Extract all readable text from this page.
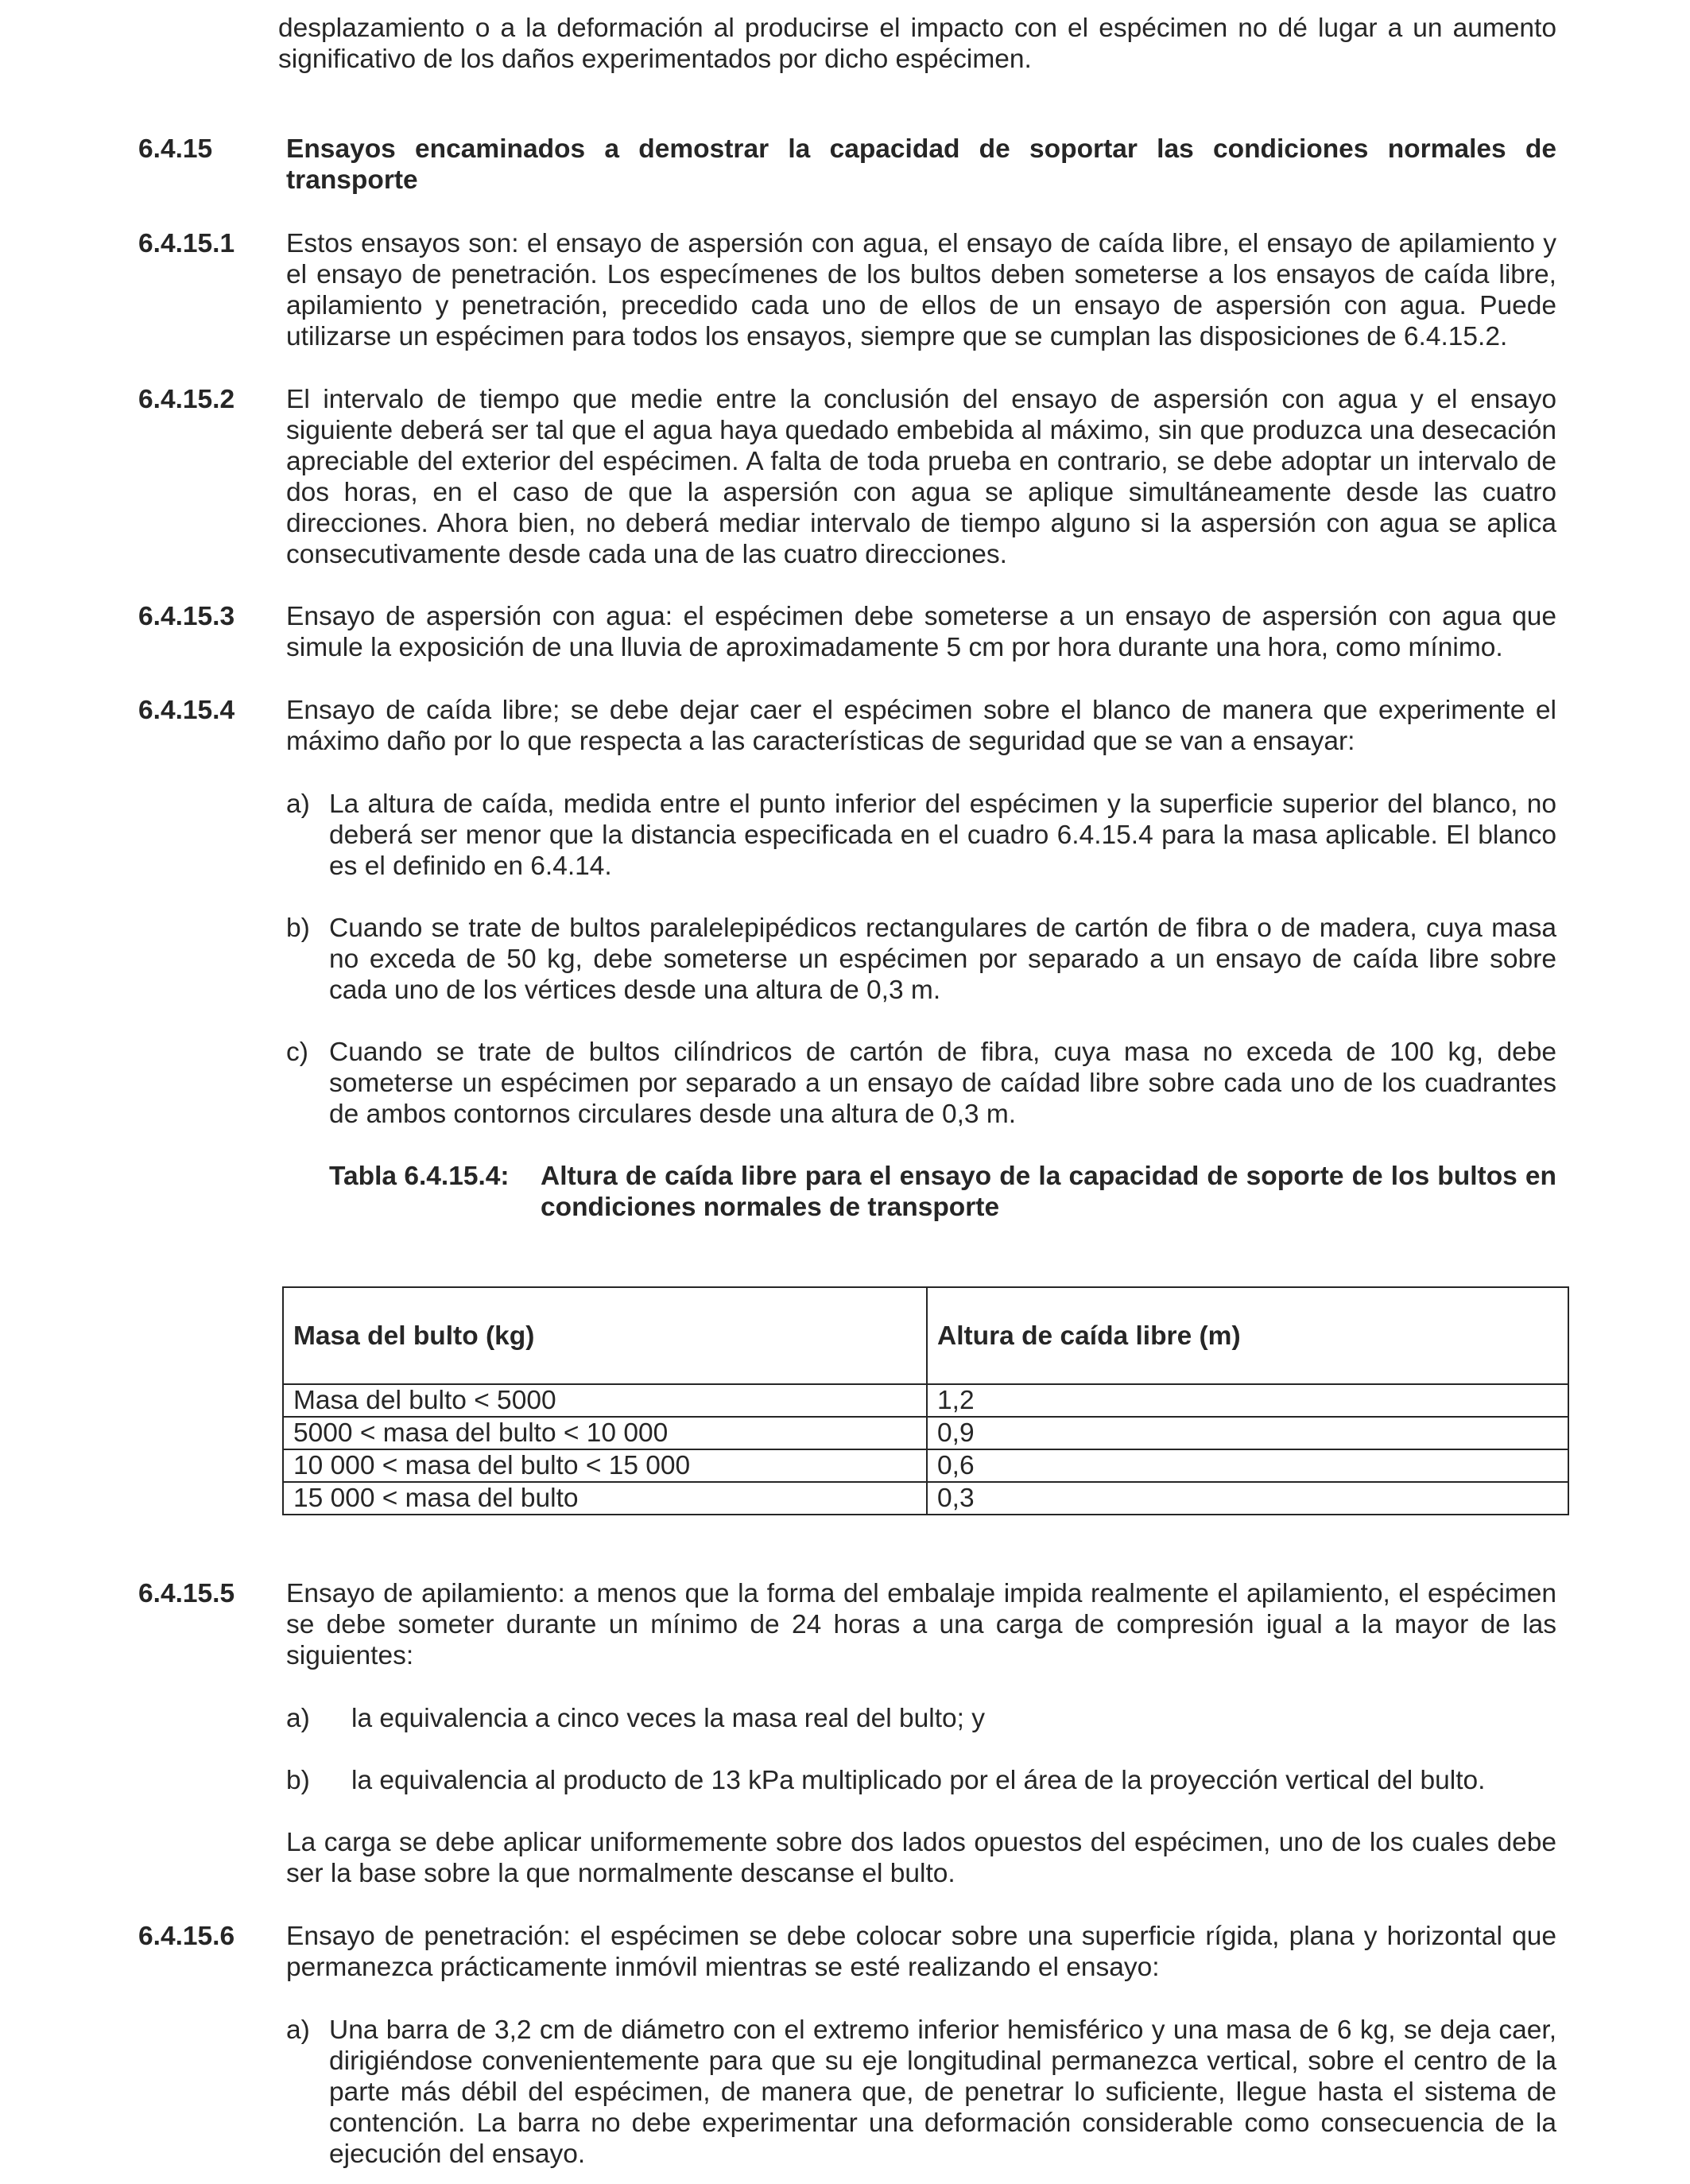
desplazamiento o a la deformación al producirse el impacto con el espécimen no dé lugar a un aumento significativo de los daños experimentados por dicho espécimen.
6.4.15	Ensayos encaminados a demostrar la capacidad de soportar las condiciones normales de transporte
6.4.15.1	Estos ensayos son: el ensayo de aspersión con agua, el ensayo de caída libre, el ensayo de apilamiento y el ensayo de penetración. Los especímenes de los bultos deben someterse a los ensayos de caída libre, apilamiento y penetración, precedido cada uno de ellos de un ensayo de aspersión con agua. Puede utilizarse un espécimen para todos los ensayos, siempre que se cumplan las disposiciones de 6.4.15.2.
6.4.15.2	El intervalo de tiempo que medie entre la conclusión del ensayo de aspersión con agua y el ensayo siguiente deberá ser tal que el agua haya quedado embebida al máximo, sin que produzca una desecación apreciable del exterior del espécimen. A falta de toda prueba en contrario, se debe adoptar un intervalo de dos horas, en el caso de que la aspersión con agua se aplique simultáneamente desde las cuatro direcciones. Ahora bien, no deberá mediar intervalo de tiempo alguno si la aspersión con agua se aplica consecutivamente desde cada una de las cuatro direcciones.
6.4.15.3	Ensayo de aspersión con agua: el espécimen debe someterse a un ensayo de aspersión con agua que simule la exposición de una lluvia de aproximadamente 5 cm por hora durante una hora, como mínimo.
6.4.15.4	Ensayo de caída libre; se debe dejar caer el espécimen sobre el blanco de manera que experimente el máximo daño por lo que respecta a las características de seguridad que se van a ensayar:
a) La altura de caída, medida entre el punto inferior del espécimen y la superficie superior del blanco, no deberá ser menor que la distancia especificada en el cuadro 6.4.15.4 para la masa aplicable. El blanco es el definido en 6.4.14.
b) Cuando se trate de bultos paralelepipédicos rectangulares de cartón de fibra o de madera, cuya masa no exceda de 50 kg, debe someterse un espécimen por separado a un ensayo de caída libre sobre cada uno de los vértices desde una altura de 0,3 m.
c) Cuando se trate de bultos cilíndricos de cartón de fibra, cuya masa no exceda de 100 kg, debe someterse un espécimen por separado a un ensayo de caídad libre sobre cada uno de los cuadrantes de ambos contornos circulares desde una altura de 0,3 m.
Tabla 6.4.15.4: Altura de caída libre para el ensayo de la capacidad de soporte de los bultos en condiciones normales de transporte
Masa del bulto (kg)	Altura de caída libre (m)
Masa del bulto < 5000	1,2
5000 < masa del bulto < 10 000	0,9
10 000 < masa del bulto < 15 000	0,6
15 000 < masa del bulto	0,3
6.4.15.5	Ensayo de apilamiento: a menos que la forma del embalaje impida realmente el apilamiento, el espécimen se debe someter durante un mínimo de 24 horas a una carga de compresión igual a la mayor de las siguientes:
a) la equivalencia a cinco veces la masa real del bulto; y
b) la equivalencia al producto de 13 kPa multiplicado por el área de la proyección vertical del bulto.
La carga se debe aplicar uniformemente sobre dos lados opuestos del espécimen, uno de los cuales debe ser la base sobre la que normalmente descanse el bulto.
6.4.15.6	Ensayo de penetración: el espécimen se debe colocar sobre una superficie rígida, plana y horizontal que permanezca prácticamente inmóvil mientras se esté realizando el ensayo:
a) Una barra de 3,2 cm de diámetro con el extremo inferior hemisférico y una masa de 6 kg, se deja caer, dirigiéndose convenientemente para que su eje longitudinal permanezca vertical, sobre el centro de la parte más débil del espécimen, de manera que, de penetrar lo suficiente, llegue hasta el sistema de contención. La barra no debe experimentar una deformación considerable como consecuencia de la ejecución del ensayo.
